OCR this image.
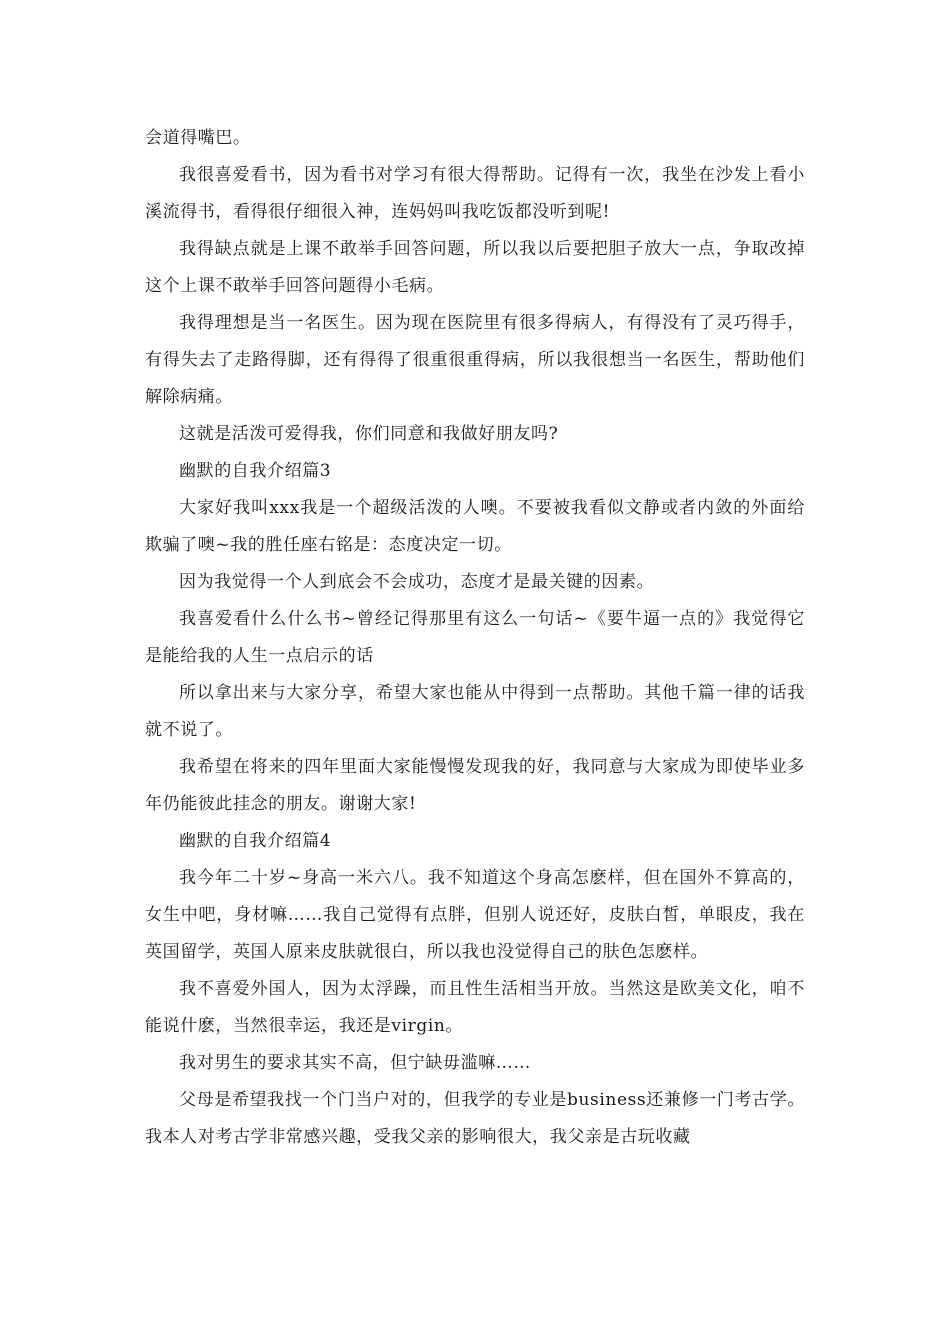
会道得嘴巴。

我很喜爱看书，因为看书对学习有很大得帮助。记得有一次，我坐在沙发上看小溪流得书，看得很仔细很入神，连妈妈叫我吃饭都没听到呢!

我得缺点就是上课不敢举手回答问题，所以我以后要把胆子放大一点，争取改掉这个上课不敢举手回答问题得小毛病。

我得理想是当一名医生。因为现在医院里有很多得病人，有得没有了灵巧得手，有得失去了走路得脚，还有得得了很重很重得病，所以我很想当一名医生，帮助他们解除病痛。

这就是活泼可爱得我，你们同意和我做好朋友吗?

幽默的自我介绍篇3

大家好我叫xxx我是一个超级活泼的人噢。不要被我看似文静或者内敛的外面给欺骗了噢~我的胜任座右铭是：态度决定一切。

因为我觉得一个人到底会不会成功，态度才是最关键的因素。

我喜爱看什么什么书~曾经记得那里有这么一句话~《要牛逼一点的》我觉得它是能给我的人生一点启示的话

所以拿出来与大家分享，希望大家也能从中得到一点帮助。其他千篇一律的话我就不说了。

我希望在将来的四年里面大家能慢慢发现我的好，我同意与大家成为即使毕业多年仍能彼此挂念的朋友。谢谢大家!

幽默的自我介绍篇4

我今年二十岁~身高一米六八。我不知道这个身高怎麽样，但在国外不算高的，女生中吧，身材嘛……我自己觉得有点胖，但别人说还好，皮肤白皙，单眼皮，我在英国留学，英国人原来皮肤就很白，所以我也没觉得自己的肤色怎麽样。

我不喜爱外国人，因为太浮躁，而且性生活相当开放。当然这是欧美文化，咱不能说什麽，当然很幸运，我还是virgin。

我对男生的要求其实不高，但宁缺毋滥嘛……

父母是希望我找一个门当户对的，但我学的专业是business还兼修一门考古学。我本人对考古学非常感兴趣，受我父亲的影响很大，我父亲是古玩收藏
